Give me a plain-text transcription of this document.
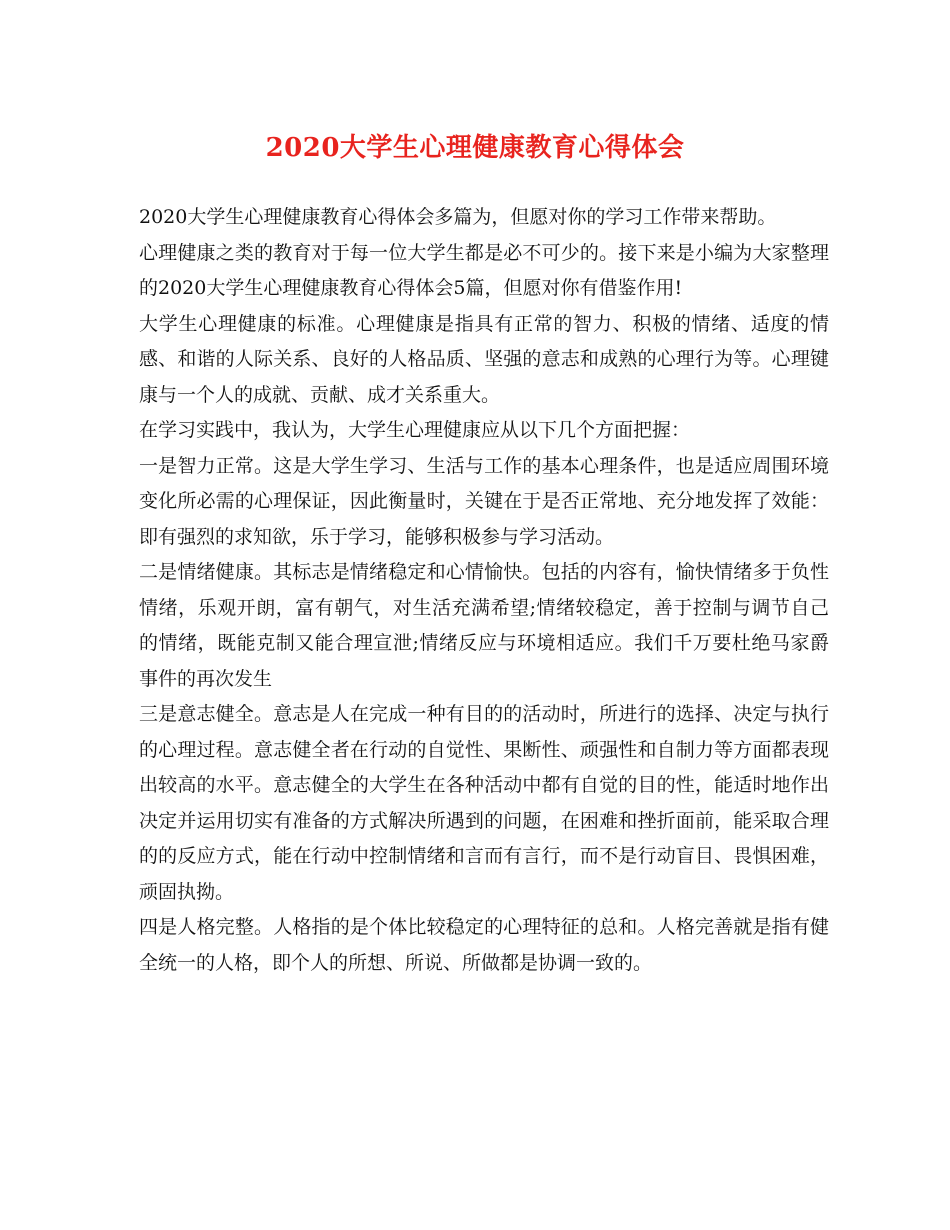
2020大学生心理健康教育心得体会

2020大学生心理健康教育心得体会多篇为，但愿对你的学习工作带来帮助。

心理健康之类的教育对于每一位大学生都是必不可少的。接下来是小编为大家整理的2020大学生心理健康教育心得体会5篇，但愿对你有借鉴作用!

大学生心理健康的标准。心理健康是指具有正常的智力、积极的情绪、适度的情感、和谐的人际关系、良好的人格品质、坚强的意志和成熟的心理行为等。心理键康与一个人的成就、贡献、成才关系重大。

在学习实践中，我认为，大学生心理健康应从以下几个方面把握：

一是智力正常。这是大学生学习、生活与工作的基本心理条件，也是适应周围环境变化所必需的心理保证，因此衡量时，关键在于是否正常地、充分地发挥了效能：即有强烈的求知欲，乐于学习，能够积极参与学习活动。

二是情绪健康。其标志是情绪稳定和心情愉快。包括的内容有，愉快情绪多于负性情绪，乐观开朗，富有朝气，对生活充满希望;情绪较稳定，善于控制与调节自己的情绪，既能克制又能合理宣泄;情绪反应与环境相适应。我们千万要杜绝马家爵事件的再次发生

三是意志健全。意志是人在完成一种有目的的活动时，所进行的选择、决定与执行的心理过程。意志健全者在行动的自觉性、果断性、顽强性和自制力等方面都表现出较高的水平。意志健全的大学生在各种活动中都有自觉的目的性，能适时地作出决定并运用切实有准备的方式解决所遇到的问题，在困难和挫折面前，能采取合理的的反应方式，能在行动中控制情绪和言而有言行，而不是行动盲目、畏惧困难，顽固执拗。

四是人格完整。人格指的是个体比较稳定的心理特征的总和。人格完善就是指有健全统一的人格，即个人的所想、所说、所做都是协调一致的。
